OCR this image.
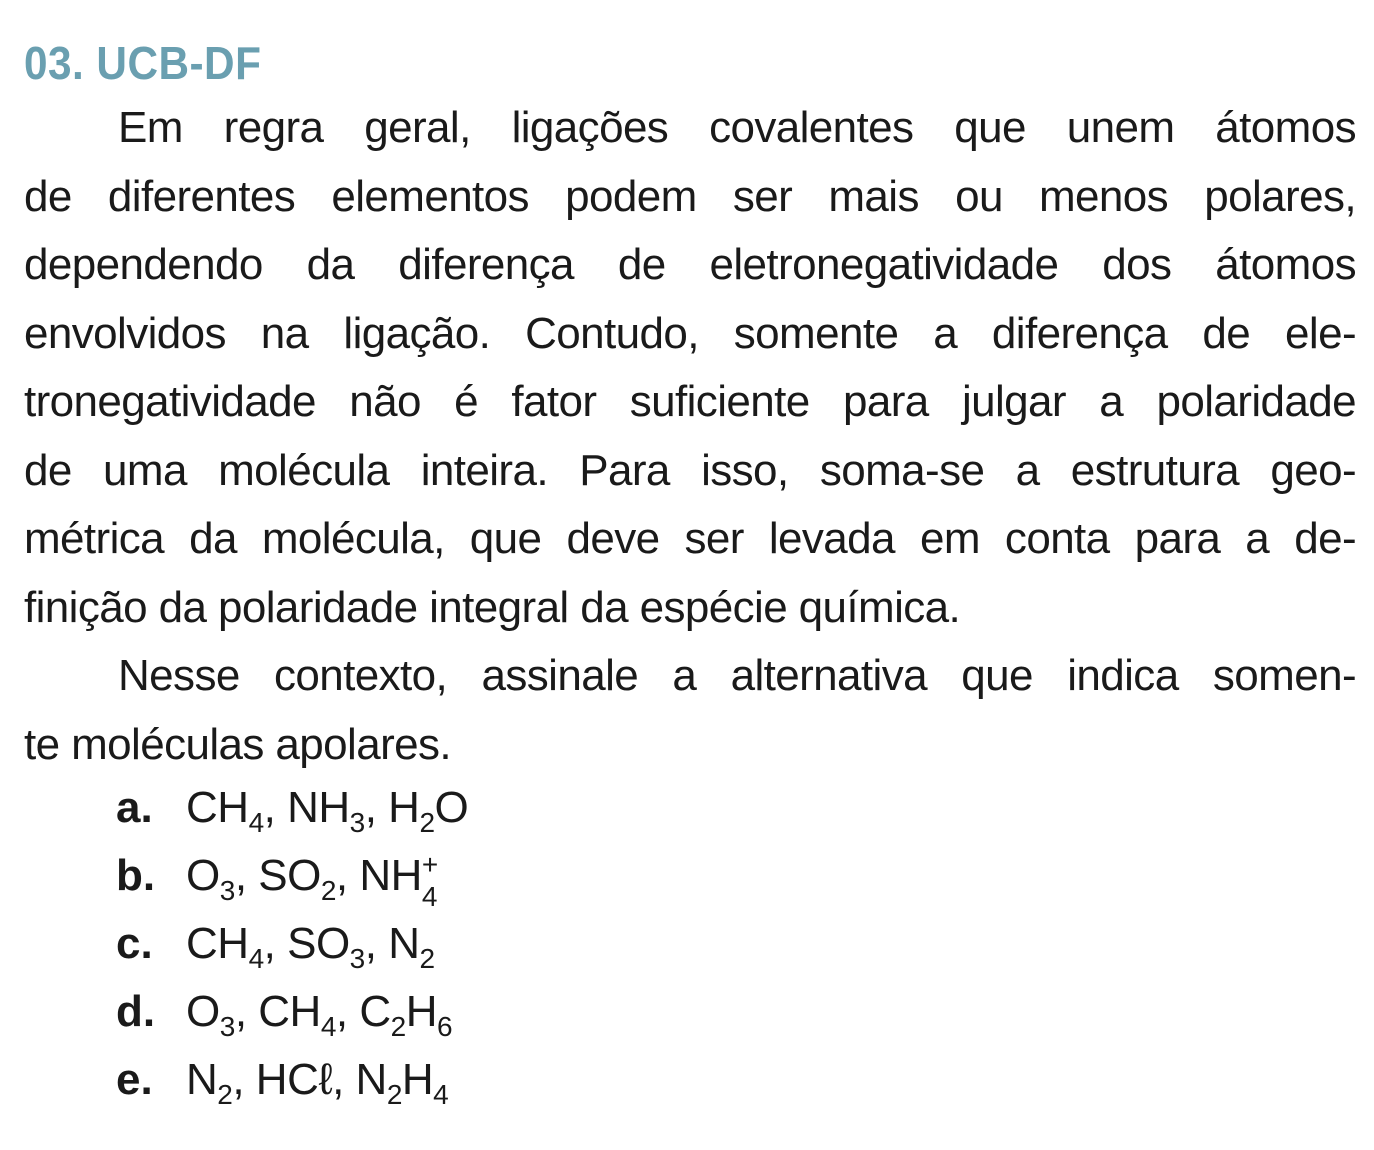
03. UCB-DF

Em regra geral, ligações covalentes que unem átomos
de diferentes elementos podem ser mais ou menos polares,
dependendo da diferença de eletronegatividade dos átomos
envolvidos na ligação. Contudo, somente a diferença de ele-
tronegatividade não é fator suficiente para julgar a polaridade
de uma molécula inteira. Para isso, soma-se a estrutura geo-
métrica da molécula, que deve ser levada em conta para a de-
finição da polaridade integral da espécie química.

Nesse contexto, assinale a alternativa que indica somen-
te moléculas apolares.

a. $CH_4$, $NH_3$, $H_2O$
b. $O_3$, $SO_2$, NH +
4
c. $CH_4$, $SO_3$, $N_2$
d. $O_3$, $CH_4$, $C_2H_6$
e. $N_2$, HCℓ, $N_2H_4$
